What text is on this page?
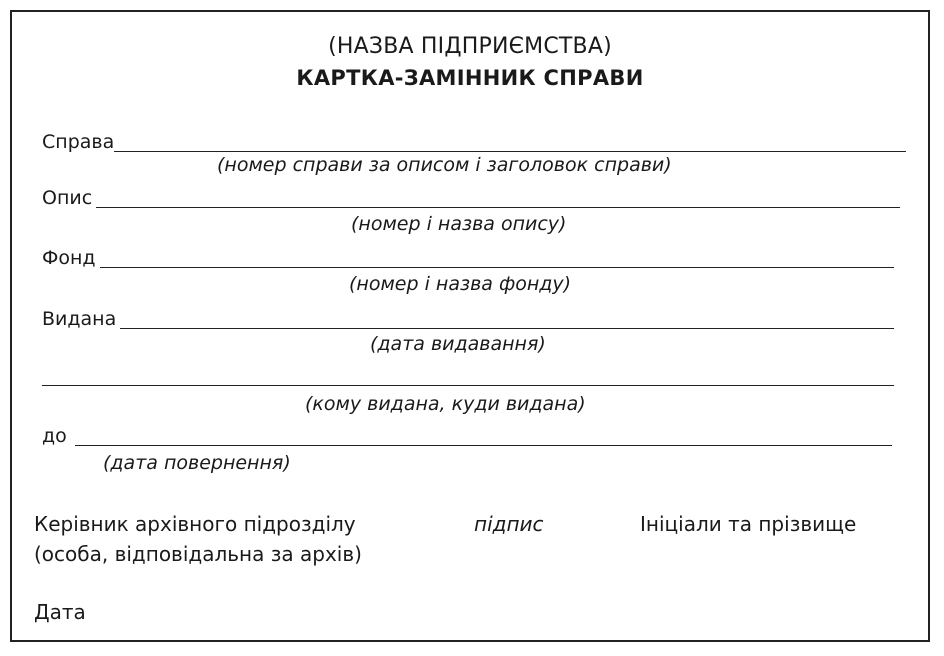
(НАЗВА ПІДПРИЄМСТВА)
КАРТКА-ЗАМІННИК СПРАВИ
Справа
(номер справи за описом і заголовок справи)
Опис
(номер і назва опису)
Фонд
(номер і назва фонду)
Видана
(дата видавання)
(кому видана, куди видана)
до
(дата повернення)
Керівник архівного підрозділу
(особа, відповідальна за архів)
підпис	Ініціали та прізвище
Дата
